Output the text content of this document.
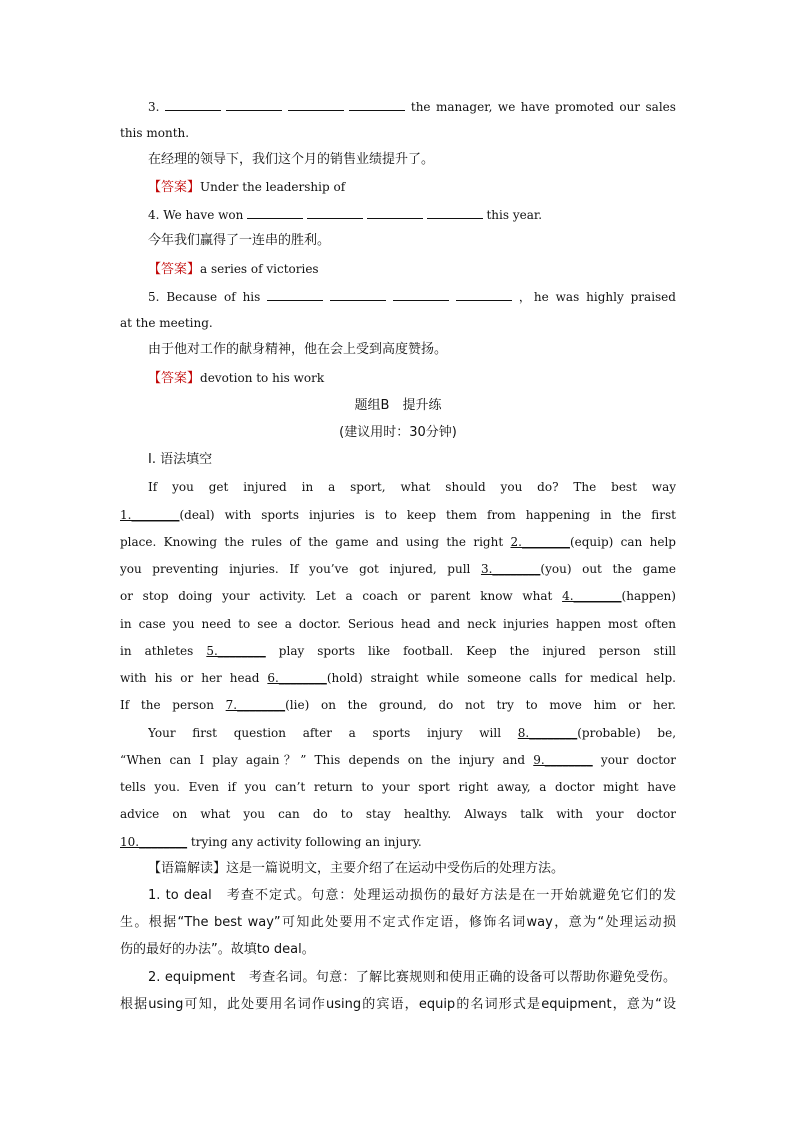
3.	the manager, we have promoted our sales
this month.
在经理的领导下，我们这个月的销售业绩提升了。
【答案】Under the leadership of
4. We have won	this year.
今年我们赢得了一连串的胜利。
【答案】a series of victories
5. Because of his	，he was highly praised
at the meeting.
由于他对工作的献身精神，他在会上受到高度赞扬。
【答案】devotion to his work
题组B　提升练
(建议用时：30分钟)
Ⅰ. 语法填空
If you get injured in a sport, what should you do? The best way
1.________(deal) with sports injuries is to keep them from happening in the first
place. Knowing the rules of the game and using the right 2.________(equip) can help
you preventing injuries. If you’ve got injured, pull 3.________(you) out the game
or stop doing your activity. Let a coach or parent know what 4.________(happen)
in case you need to see a doctor. Serious head and neck injuries happen most often
in athletes 5.________ play sports like football. Keep the injured person still
with his or her head 6.________(hold) straight while someone calls for medical help.
If the person 7.________(lie) on the ground, do not try to move him or her.
Your first question after a sports injury will 8.________(probable) be,
“When can I play again？” This depends on the injury and 9.________ your doctor
tells you. Even if you can’t return to your sport right away, a doctor might have
advice on what you can do to stay healthy. Always talk with your doctor
10.________ trying any activity following an injury.
【语篇解读】这是一篇说明文，主要介绍了在运动中受伤后的处理方法。
1. to deal　考查不定式。句意：处理运动损伤的最好方法是在一开始就避免它们的发
生。根据“The best way”可知此处要用不定式作定语，修饰名词way，意为“处理运动损
伤的最好的办法”。故填to deal。
2. equipment　考查名词。句意：了解比赛规则和使用正确的设备可以帮助你避免受伤。
根据using可知，此处要用名词作using的宾语，equip的名词形式是equipment，意为“设
